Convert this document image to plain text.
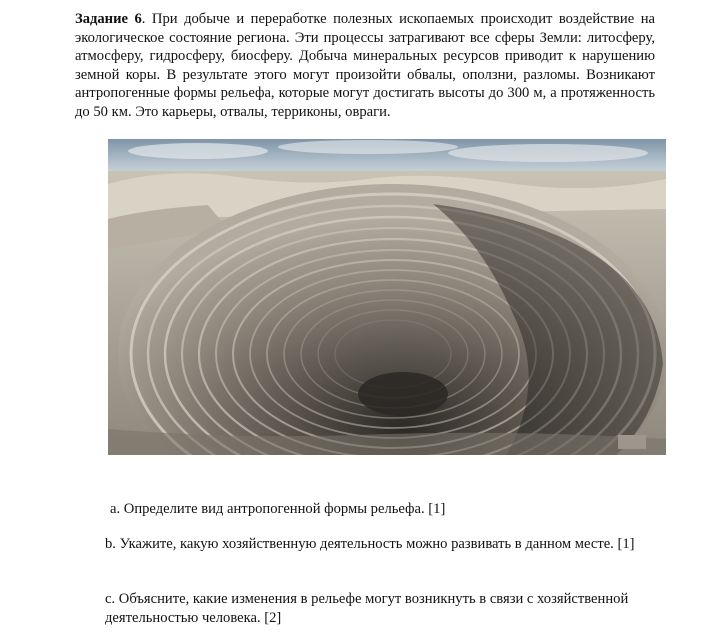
Задание 6. При добыче и переработке полезных ископаемых происходит воздействие на экологическое состояние региона. Эти процессы затрагивают все сферы Земли: литосферу, атмосферу, гидросферу, биосферу. Добыча минеральных ресурсов приводит к нарушению земной коры. В результате этого могут произойти обвалы, оползни, разломы. Возникают антропогенные формы рельефа, которые могут достигать высоты до 300 м, а протяженность до 50 км. Это карьеры, отвалы, терриконы, овраги.

a. Определите вид антропогенной формы рельефа. [1]

b. Укажите, какую хозяйственную деятельность можно развивать в данном месте. [1]

c. Объясните, какие изменения в рельефе могут возникнуть в связи с хозяйственной деятельностью человека. [2]
